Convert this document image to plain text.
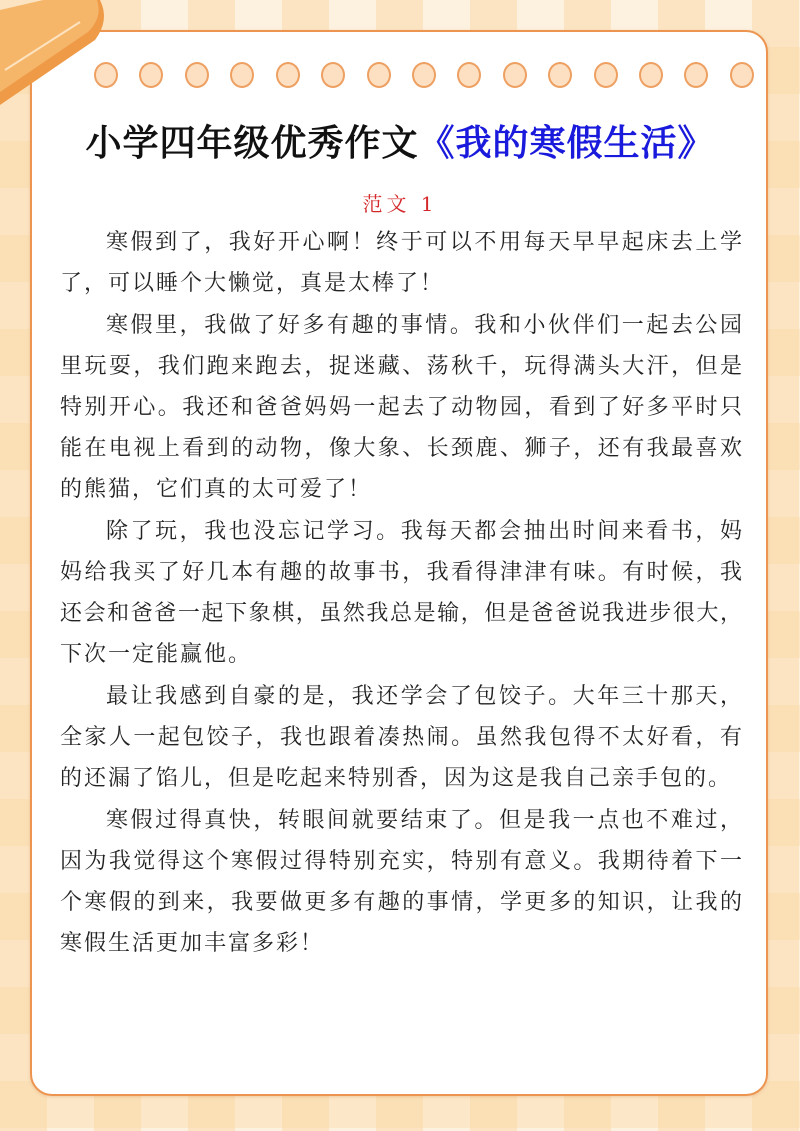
小学四年级优秀作文《我的寒假生活》
范文 1
寒假到了，我好开心啊！终于可以不用每天早早起床去上学
了，可以睡个大懒觉，真是太棒了！
寒假里，我做了好多有趣的事情。我和小伙伴们一起去公园
里玩耍，我们跑来跑去，捉迷藏、荡秋千，玩得满头大汗，但是
特别开心。我还和爸爸妈妈一起去了动物园，看到了好多平时只
能在电视上看到的动物，像大象、长颈鹿、狮子，还有我最喜欢
的熊猫，它们真的太可爱了！
除了玩，我也没忘记学习。我每天都会抽出时间来看书，妈
妈给我买了好几本有趣的故事书，我看得津津有味。有时候，我
还会和爸爸一起下象棋，虽然我总是输，但是爸爸说我进步很大，
下次一定能赢他。
最让我感到自豪的是，我还学会了包饺子。大年三十那天，
全家人一起包饺子，我也跟着凑热闹。虽然我包得不太好看，有
的还漏了馅儿，但是吃起来特别香，因为这是我自己亲手包的。
寒假过得真快，转眼间就要结束了。但是我一点也不难过，
因为我觉得这个寒假过得特别充实，特别有意义。我期待着下一
个寒假的到来，我要做更多有趣的事情，学更多的知识，让我的
寒假生活更加丰富多彩！
